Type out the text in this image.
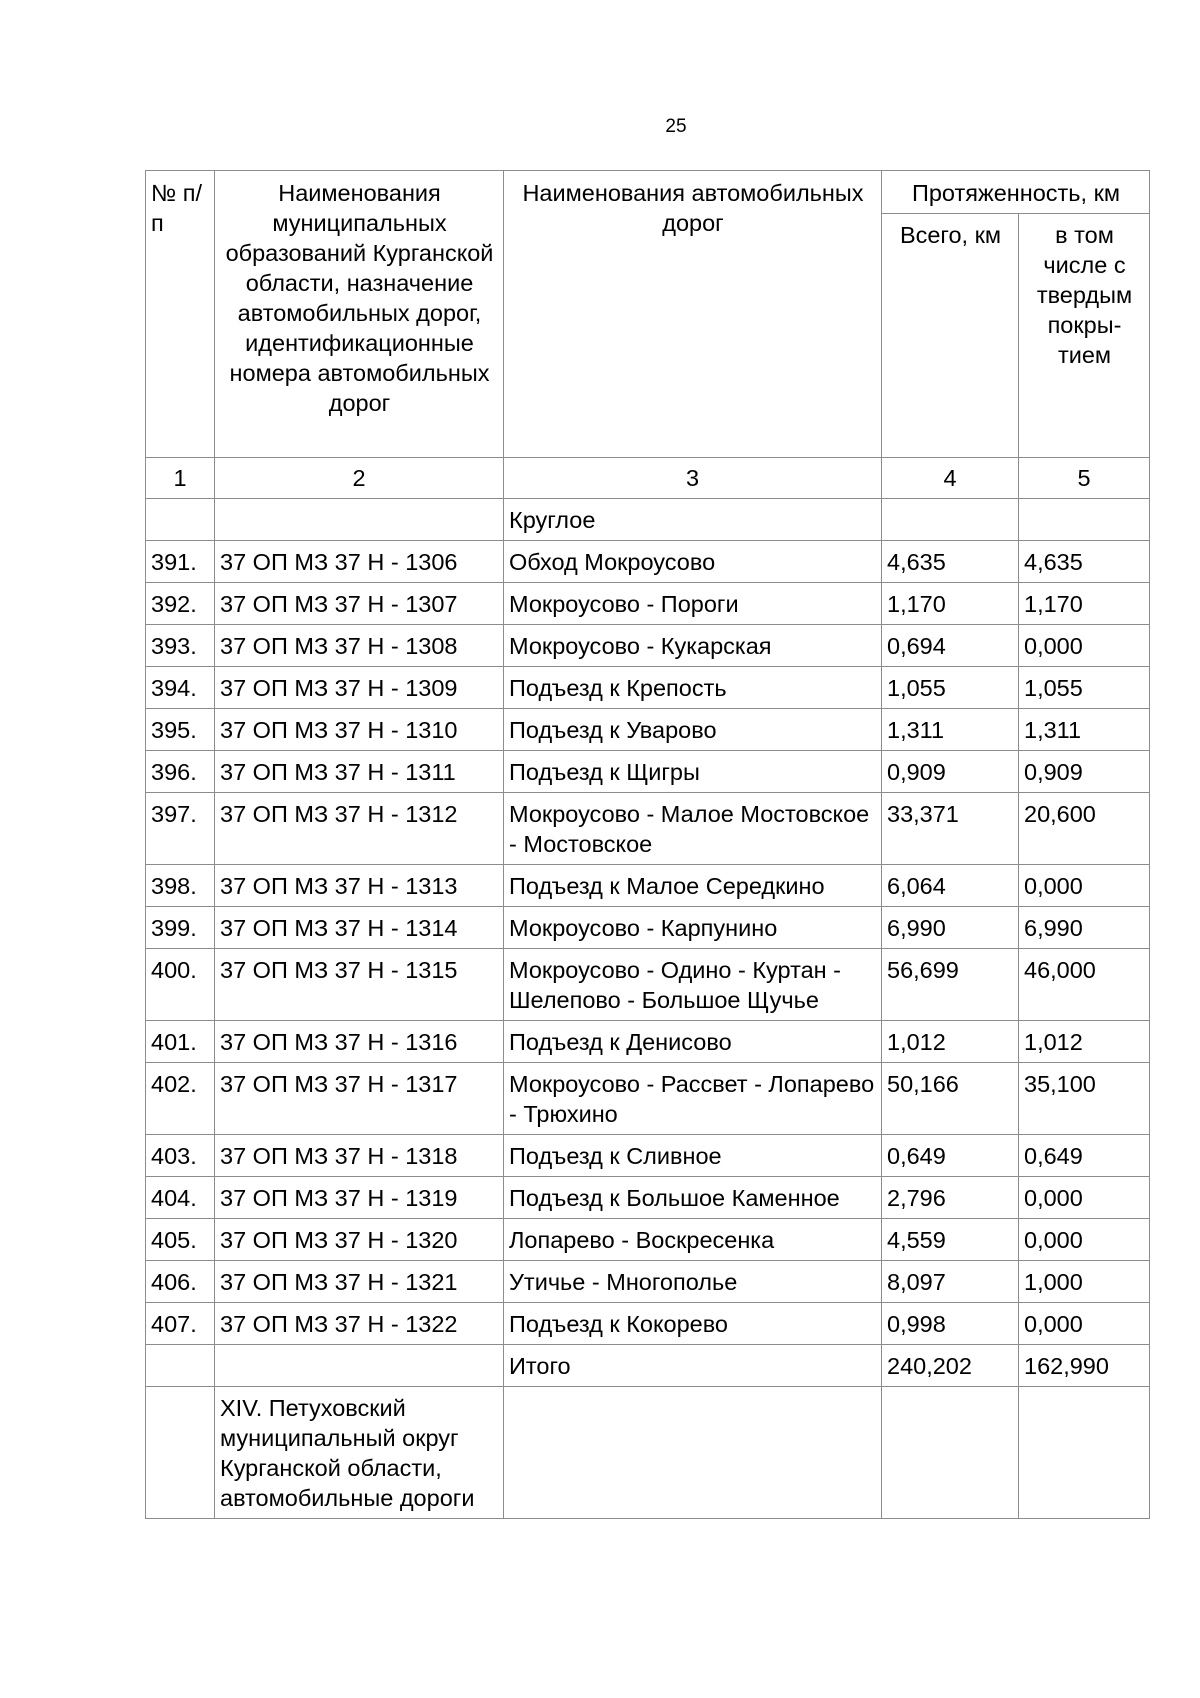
25
№ п/п	Наименования муниципальных образований Курганской области, назначение автомобильных дорог, идентификационные номера автомобильных дорог	Наименования автомобильных дорог	Протяженность, км	
			Всего, км	в том числе с твердым покры-тием
1	2	3	4	5
		Круглое		
391.	37 ОП МЗ 37 Н - 1306	Обход Мокроусово	4,635	4,635
392.	37 ОП МЗ 37 Н - 1307	Мокроусово - Пороги	1,170	1,170
393.	37 ОП МЗ 37 Н - 1308	Мокроусово - Кукарская	0,694	0,000
394.	37 ОП МЗ 37 Н - 1309	Подъезд к Крепость	1,055	1,055
395.	37 ОП МЗ 37 Н - 1310	Подъезд к Уварово	1,311	1,311
396.	37 ОП МЗ 37 Н - 1311	Подъезд к Щигры	0,909	0,909
397.	37 ОП МЗ 37 Н - 1312	Мокроусово - Малое Мостовское - Мостовское	33,371	20,600
398.	37 ОП МЗ 37 Н - 1313	Подъезд к Малое Середкино	6,064	0,000
399.	37 ОП МЗ 37 Н - 1314	Мокроусово - Карпунино	6,990	6,990
400.	37 ОП МЗ 37 Н - 1315	Мокроусово - Одино - Куртан - Шелепово - Большое Щучье	56,699	46,000
401.	37 ОП МЗ 37 Н - 1316	Подъезд к Денисово	1,012	1,012
402.	37 ОП МЗ 37 Н - 1317	Мокроусово - Рассвет - Лопарево - Трюхино	50,166	35,100
403.	37 ОП МЗ 37 Н - 1318	Подъезд к Сливное	0,649	0,649
404.	37 ОП МЗ 37 Н - 1319	Подъезд к Большое Каменное	2,796	0,000
405.	37 ОП МЗ 37 Н - 1320	Лопарево - Воскресенка	4,559	0,000
406.	37 ОП МЗ 37 Н - 1321	Утичье - Многополье	8,097	1,000
407.	37 ОП МЗ 37 Н - 1322	Подъезд к Кокорево	0,998	0,000
		Итого	240,202	162,990
	XIV. Петуховский муниципальный округ Курганской области, автомобильные дороги			
